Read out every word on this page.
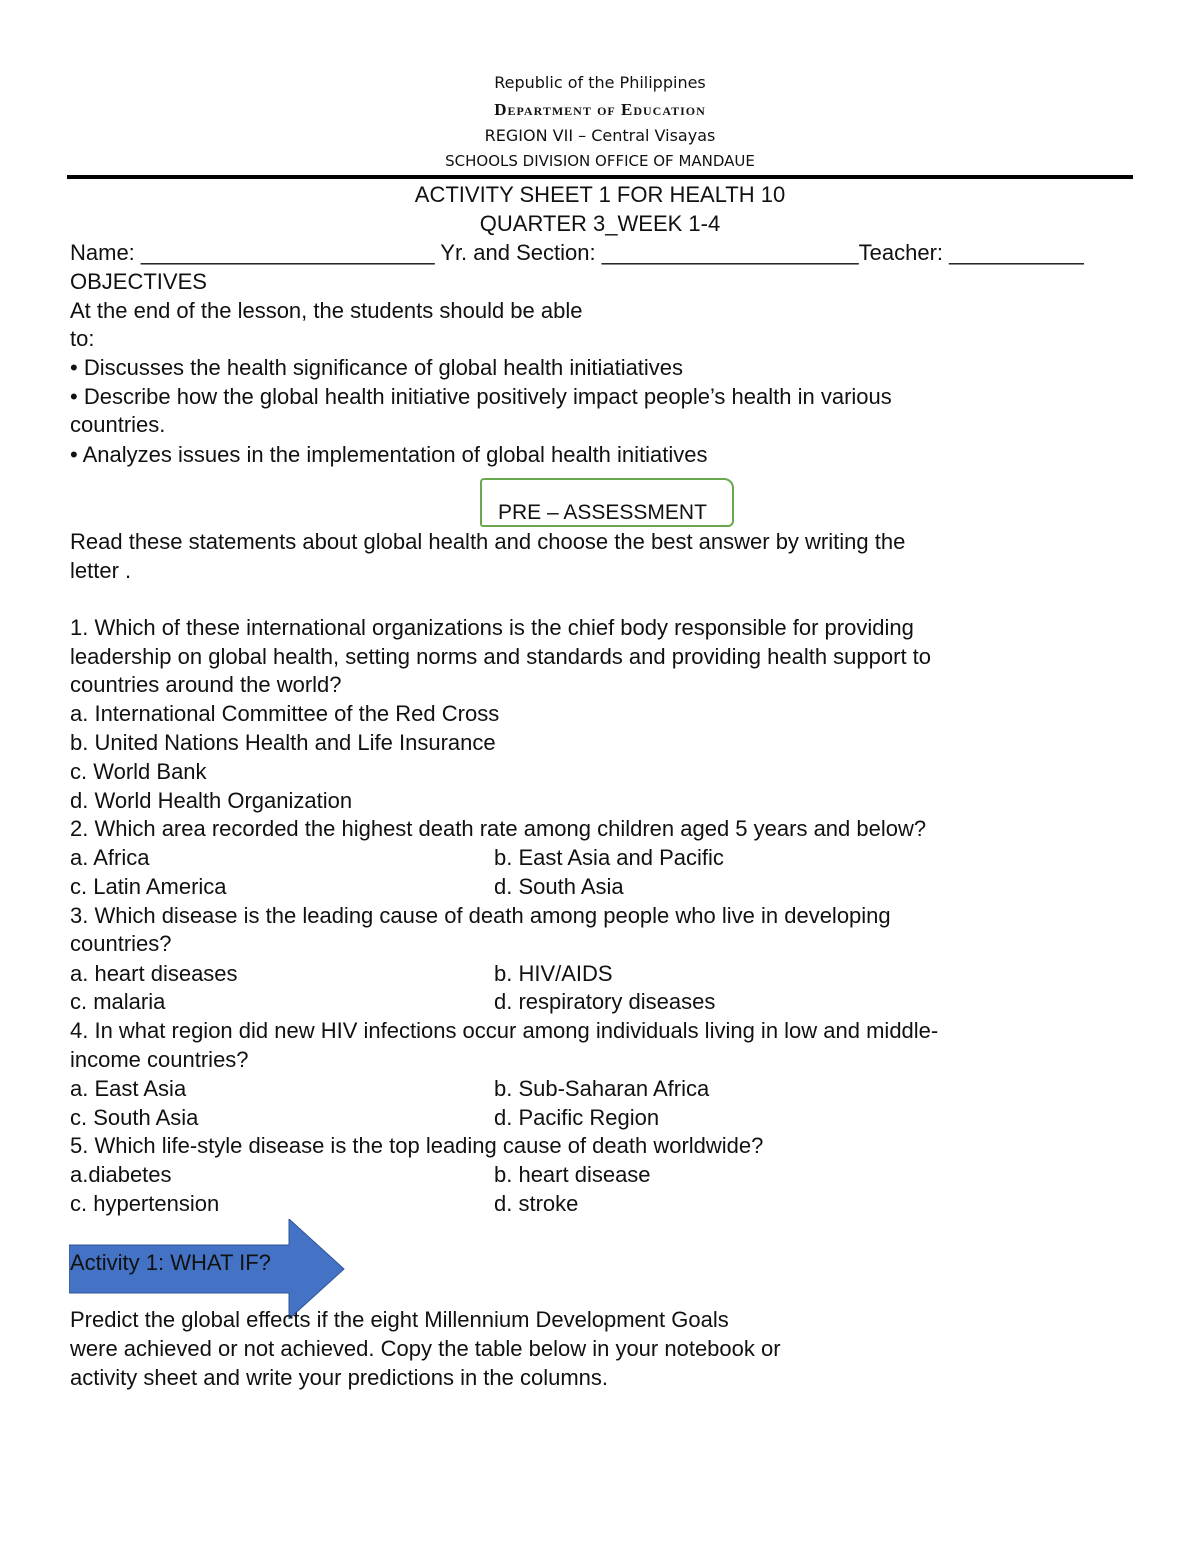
Republic of the Philippines
Department of Education
REGION VII – Central Visayas
SCHOOLS DIVISION OFFICE OF MANDAUE
ACTIVITY SHEET 1 FOR HEALTH 10
QUARTER 3_WEEK 1-4
Name: ________________________ Yr. and Section: _____________________Teacher: ___________
OBJECTIVES
At the end of the lesson, the students should be able
to:
• Discusses the health significance of global health initiatiatives
• Describe how the global health initiative positively impact people’s health in various
countries.
• Analyzes issues in the implementation of global health initiatives
PRE – ASSESSMENT
Read these statements about global health and choose the best answer by writing the
letter .
1. Which of these international organizations is the chief body responsible for providing
leadership on global health, setting norms and standards and providing health support to
countries around the world?
a. International Committee of the Red Cross
b. United Nations Health and Life Insurance
c. World Bank
d. World Health Organization
2. Which area recorded the highest death rate among children aged 5 years and below?
a. Africa	b. East Asia and Pacific
c. Latin America	d. South Asia
3. Which disease is the leading cause of death among people who live in developing
countries?
a. heart diseases	b. HIV/AIDS
c. malaria	d. respiratory diseases
4. In what region did new HIV infections occur among individuals living in low and middle-
income countries?
a. East Asia	b. Sub-Saharan Africa
c. South Asia	d. Pacific Region
5. Which life-style disease is the top leading cause of death worldwide?
a.diabetes	b. heart disease
c. hypertension	d. stroke
Activity 1: WHAT IF?
Predict the global effects if the eight Millennium Development Goals
were achieved or not achieved. Copy the table below in your notebook or
activity sheet and write your predictions in the columns.
